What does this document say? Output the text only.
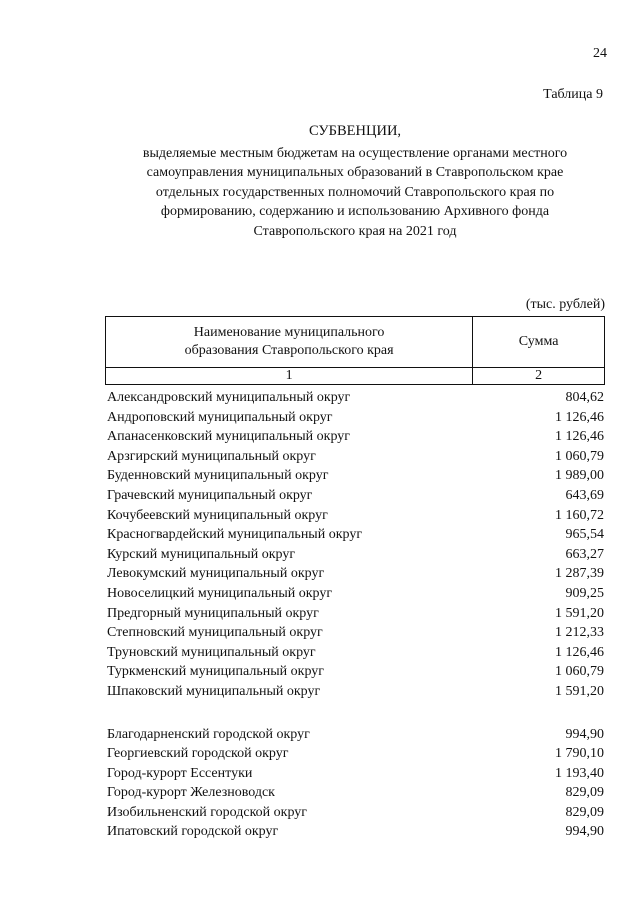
24
Таблица 9
СУБВЕНЦИИ,
выделяемые местным бюджетам на осуществление органами местного
самоуправления муниципальных образований в Ставропольском крае
отдельных государственных полномочий Ставропольского края по
формированию, содержанию и использованию Архивного фонда
Ставропольского края на 2021 год
(тыс. рублей)
Наименование муниципального
образования Ставропольского края	Сумма
1	2
Александровский муниципальный округ	804,62
Андроповский муниципальный округ	1 126,46
Апанасенковский муниципальный округ	1 126,46
Арзгирский муниципальный округ	1 060,79
Буденновский муниципальный округ	1 989,00
Грачевский муниципальный округ	643,69
Кочубеевский муниципальный округ	1 160,72
Красногвардейский муниципальный округ	965,54
Курский муниципальный округ	663,27
Левокумский муниципальный округ	1 287,39
Новоселицкий муниципальный округ	909,25
Предгорный муниципальный округ	1 591,20
Степновский муниципальный округ	1 212,33
Труновский муниципальный округ	1 126,46
Туркменский муниципальный округ	1 060,79
Шпаковский муниципальный округ	1 591,20
Благодарненский городской округ	994,90
Георгиевский городской округ	1 790,10
Город-курорт Ессентуки	1 193,40
Город-курорт Железноводск	829,09
Изобильненский городской округ	829,09
Ипатовский городской округ	994,90
